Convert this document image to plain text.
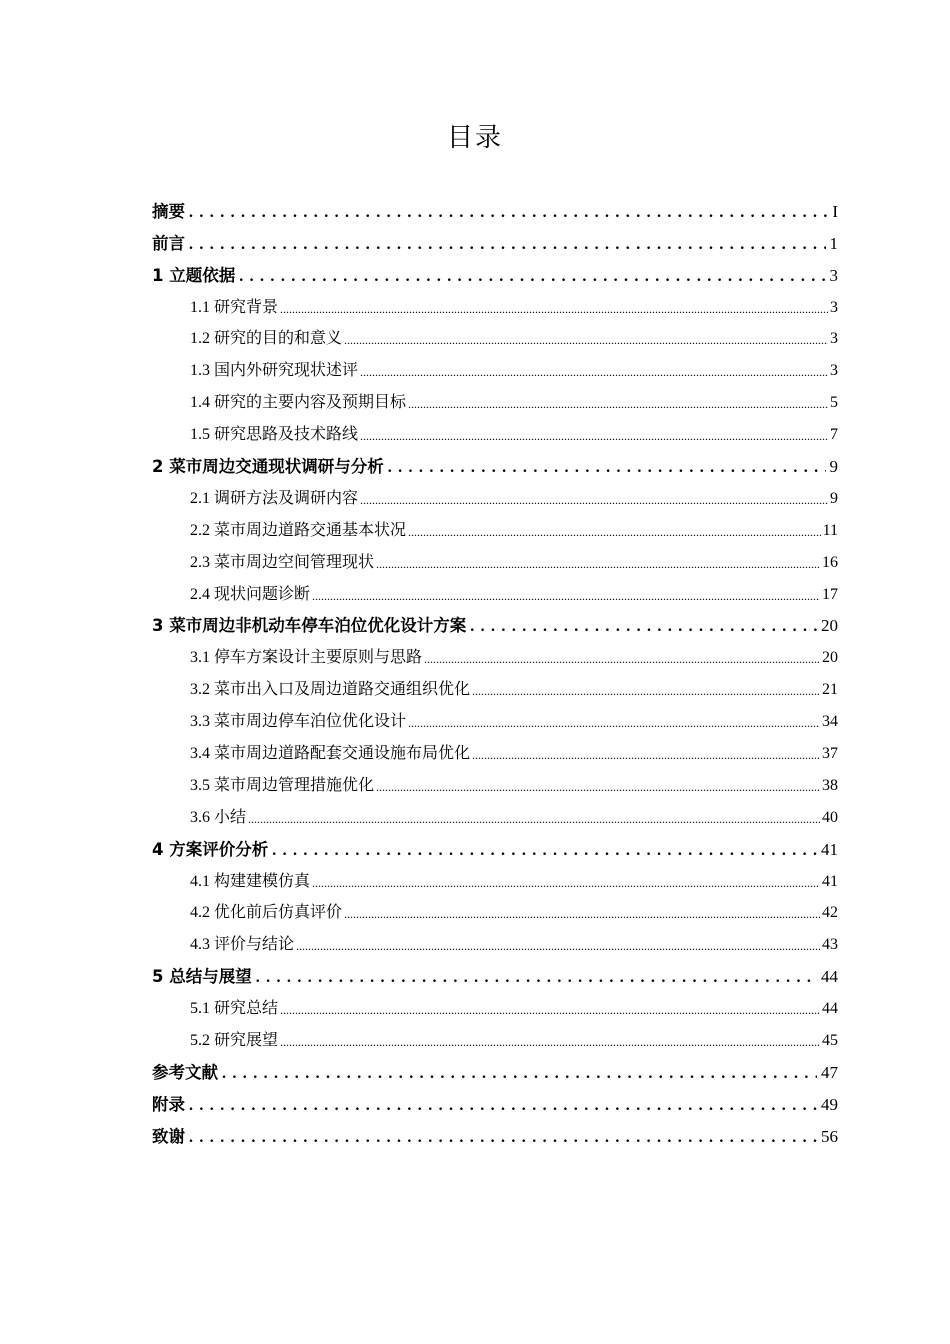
目录
摘要 . . .	I
前言 . . .	1
1 立题依据 . . .	3
1.1 研究背景 .....	3
1.2 研究的目的和意义 .....	3
1.3 国内外研究现状述评 .....	3
1.4 研究的主要内容及预期目标 .....	5
1.5 研究思路及技术路线 .....	7
2 菜市周边交通现状调研与分析 . . .	9
2.1 调研方法及调研内容 .....	9
2.2 菜市周边道路交通基本状况 .....	11
2.3 菜市周边空间管理现状 .....	16
2.4 现状问题诊断 .....	17
3 菜市周边非机动车停车泊位优化设计方案 . . .	20
3.1 停车方案设计主要原则与思路 .....	20
3.2 菜市出入口及周边道路交通组织优化 .....	21
3.3 菜市周边停车泊位优化设计 .....	34
3.4 菜市周边道路配套交通设施布局优化 .....	37
3.5 菜市周边管理措施优化 .....	38
3.6 小结 .....	40
4 方案评价分析 . . .	41
4.1 构建建模仿真 .....	41
4.2 优化前后仿真评价 .....	42
4.3 评价与结论 .....	43
5 总结与展望 . . .	44
5.1 研究总结 .....	44
5.2 研究展望 .....	45
参考文献 . . .	47
附录 . . .	49
致谢 . . .	56
